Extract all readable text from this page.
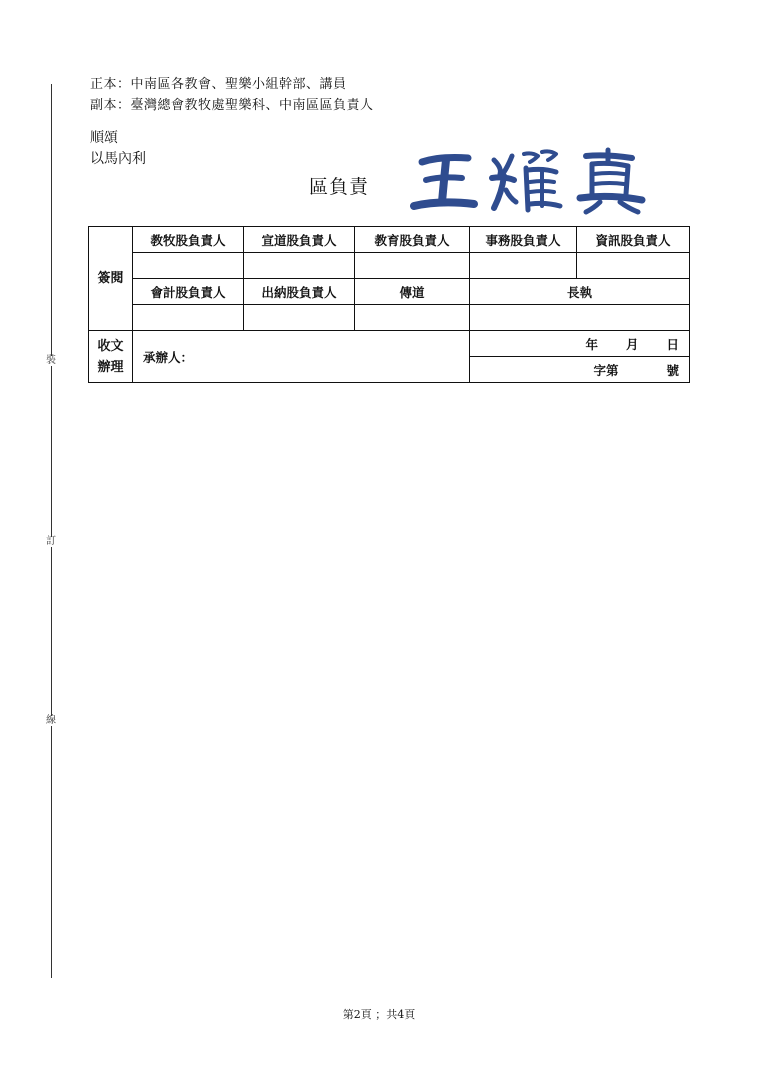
裝
訂
線
正本：中南區各教會、聖樂小組幹部、講員
副本：臺灣總會教牧處聖樂科、中南區區負責人
順頌
以馬內利
區負責
簽閱	教牧股負責人	宣道股負責人	教育股負責人	事務股負責人	資訊股負責人

	會計股負責人	出納股負責人	傳道	長執	

收文
辦理	承辦人：			年 月 日	
				字第 號	
第2頁 ；共4頁
